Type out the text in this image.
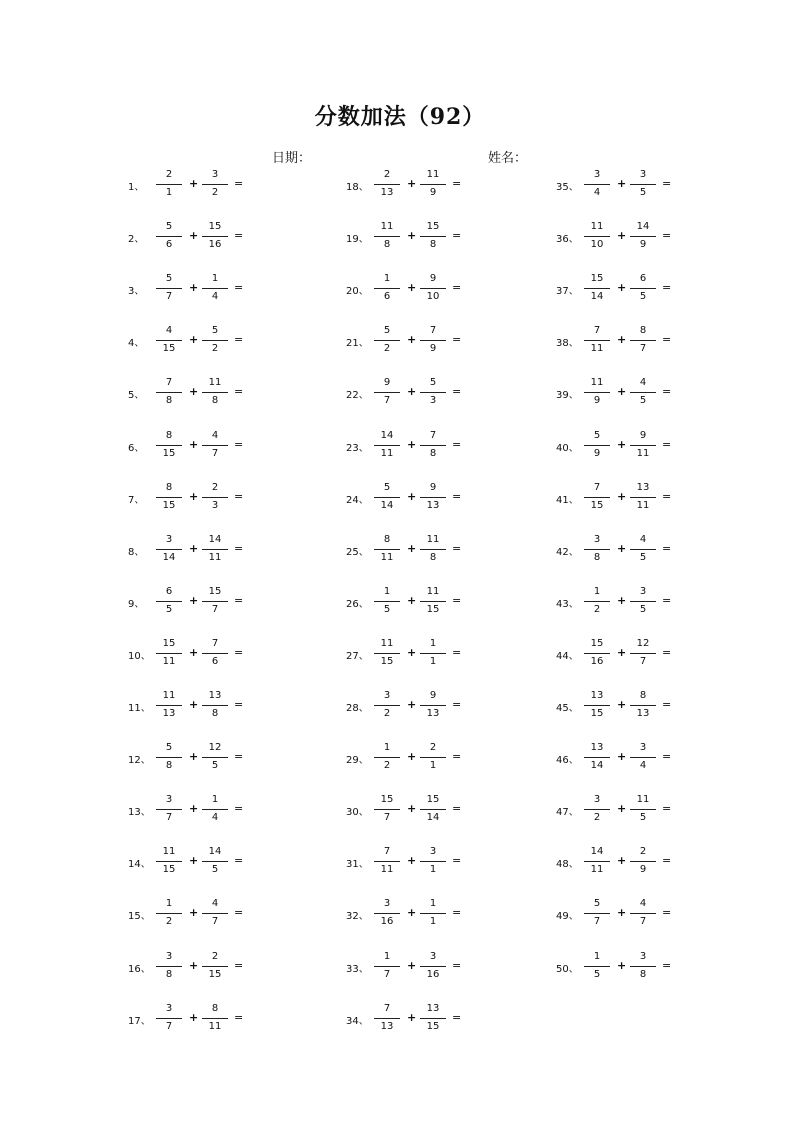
分数加法（92）
日期：	姓名：
1、
2
1
+
3
2
=
2、
5
6
+
15
16
=
3、
5
7
+
1
4
=
4、
4
15
+
5
2
=
5、
7
8
+
11
8
=
6、
8
15
+
4
7
=
7、
8
15
+
2
3
=
8、
3
14
+
14
11
=
9、
6
5
+
15
7
=
10、
15
11
+
7
6
=
11、
11
13
+
13
8
=
12、
5
8
+
12
5
=
13、
3
7
+
1
4
=
14、
11
15
+
14
5
=
15、
1
2
+
4
7
=
16、
3
8
+
2
15
=
17、
3
7
+
8
11
=
18、
2
13
+
11
9
=
19、
11
8
+
15
8
=
20、
1
6
+
9
10
=
21、
5
2
+
7
9
=
22、
9
7
+
5
3
=
23、
14
11
+
7
8
=
24、
5
14
+
9
13
=
25、
8
11
+
11
8
=
26、
1
5
+
11
15
=
27、
11
15
+
1
1
=
28、
3
2
+
9
13
=
29、
1
2
+
2
1
=
30、
15
7
+
15
14
=
31、
7
11
+
3
1
=
32、
3
16
+
1
1
=
33、
1
7
+
3
16
=
34、
7
13
+
13
15
=
35、
3
4
+
3
5
=
36、
11
10
+
14
9
=
37、
15
14
+
6
5
=
38、
7
11
+
8
7
=
39、
11
9
+
4
5
=
40、
5
9
+
9
11
=
41、
7
15
+
13
11
=
42、
3
8
+
4
5
=
43、
1
2
+
3
5
=
44、
15
16
+
12
7
=
45、
13
15
+
8
13
=
46、
13
14
+
3
4
=
47、
3
2
+
11
5
=
48、
14
11
+
2
9
=
49、
5
7
+
4
7
=
50、
1
5
+
3
8
=
